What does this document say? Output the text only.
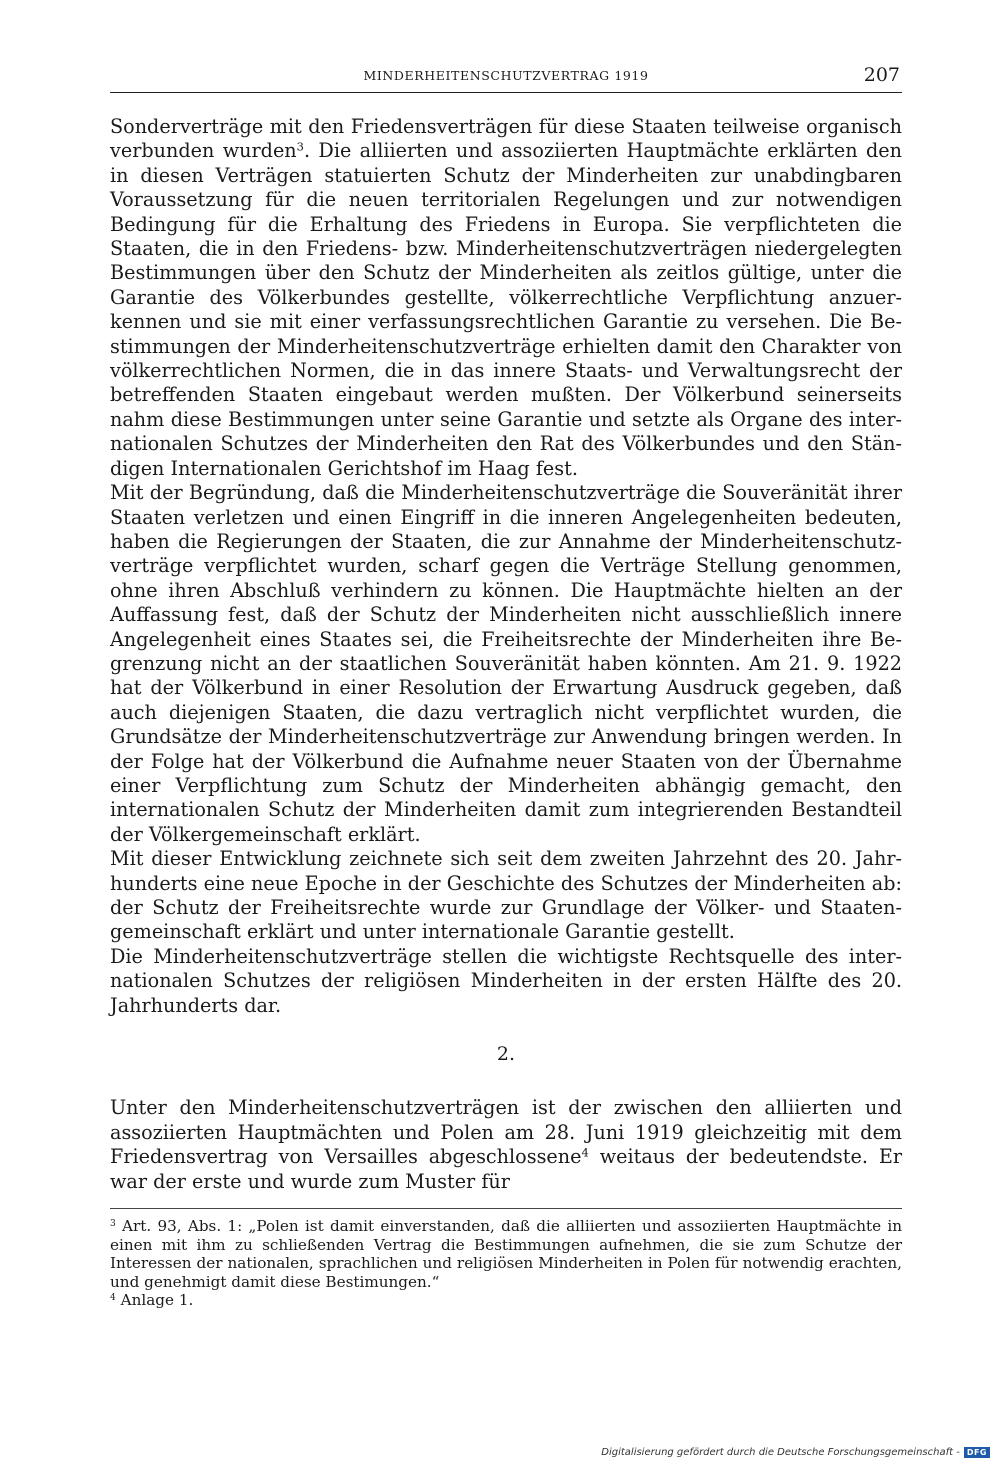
MINDERHEITENSCHUTZVERTRAG 1919	207

Sonderverträge mit den Friedensverträgen für diese Staaten teilweise organisch verbunden wurden$^3$. Die alliierten und assoziierten Hauptmächte erklärten den in diesen Verträgen statuierten Schutz der Minderheiten zur unabdingbaren Voraussetzung für die neuen territorialen Regelungen und zur notwendigen Bedingung für die Erhaltung des Friedens in Europa. Sie verpflichteten die Staaten, die in den Friedens- bzw. Minderheitenschutzverträgen niedergelegten Bestimmungen über den Schutz der Minderheiten als zeitlos gültige, unter die Garantie des Völkerbundes gestellte, völkerrechtliche Verpflichtung anzuerkennen und sie mit einer verfassungsrechtlichen Garantie zu versehen. Die Bestimmungen der Minderheitenschutzverträge erhielten damit den Charakter von völkerrechtlichen Normen, die in das innere Staats- und Verwaltungsrecht der betreffenden Staaten eingebaut werden mußten. Der Völkerbund seinerseits nahm diese Bestimmungen unter seine Garantie und setzte als Organe des internationalen Schutzes der Minderheiten den Rat des Völkerbundes und den Ständigen Internationalen Gerichtshof im Haag fest.

Mit der Begründung, daß die Minderheitenschutzverträge die Souveränität ihrer Staaten verletzen und einen Eingriff in die inneren Angelegenheiten bedeuten, haben die Regierungen der Staaten, die zur Annahme der Minderheitenschutzverträge verpflichtet wurden, scharf gegen die Verträge Stellung genommen, ohne ihren Abschluß verhindern zu können. Die Hauptmächte hielten an der Auffassung fest, daß der Schutz der Minderheiten nicht ausschließlich innere Angelegenheit eines Staates sei, die Freiheitsrechte der Minderheiten ihre Begrenzung nicht an der staatlichen Souveränität haben könnten. Am 21. 9. 1922 hat der Völkerbund in einer Resolution der Erwartung Ausdruck gegeben, daß auch diejenigen Staaten, die dazu vertraglich nicht verpflichtet wurden, die Grundsätze der Minderheitenschutzverträge zur Anwendung bringen werden. In der Folge hat der Völkerbund die Aufnahme neuer Staaten von der Übernahme einer Verpflichtung zum Schutz der Minderheiten abhängig gemacht, den internationalen Schutz der Minderheiten damit zum integrierenden Bestandteil der Völkergemeinschaft erklärt.

Mit dieser Entwicklung zeichnete sich seit dem zweiten Jahrzehnt des 20. Jahrhunderts eine neue Epoche in der Geschichte des Schutzes der Minderheiten ab: der Schutz der Freiheitsrechte wurde zur Grundlage der Völker- und Staatengemeinschaft erklärt und unter internationale Garantie gestellt.

Die Minderheitenschutzverträge stellen die wichtigste Rechtsquelle des internationalen Schutzes der religiösen Minderheiten in der ersten Hälfte des 20. Jahrhunderts dar.

2.

Unter den Minderheitenschutzverträgen ist der zwischen den alliierten und assoziierten Hauptmächten und Polen am 28. Juni 1919 gleichzeitig mit dem Friedensvertrag von Versailles abgeschlossene$^4$ weitaus der bedeutendste. Er war der erste und wurde zum Muster für

$^3$ Art. 93, Abs. 1: „Polen ist damit einverstanden, daß die alliierten und assoziierten Hauptmächte in einen mit ihm zu schließenden Vertrag die Bestimmungen aufnehmen, die sie zum Schutze der Interessen der nationalen, sprachlichen und religiösen Minderheiten in Polen für notwendig erachten, und genehmigt damit diese Bestimungen.“

$^4$ Anlage 1.

Digitalisierung gefördert durch die Deutsche Forschungsgemeinschaft - DFG
